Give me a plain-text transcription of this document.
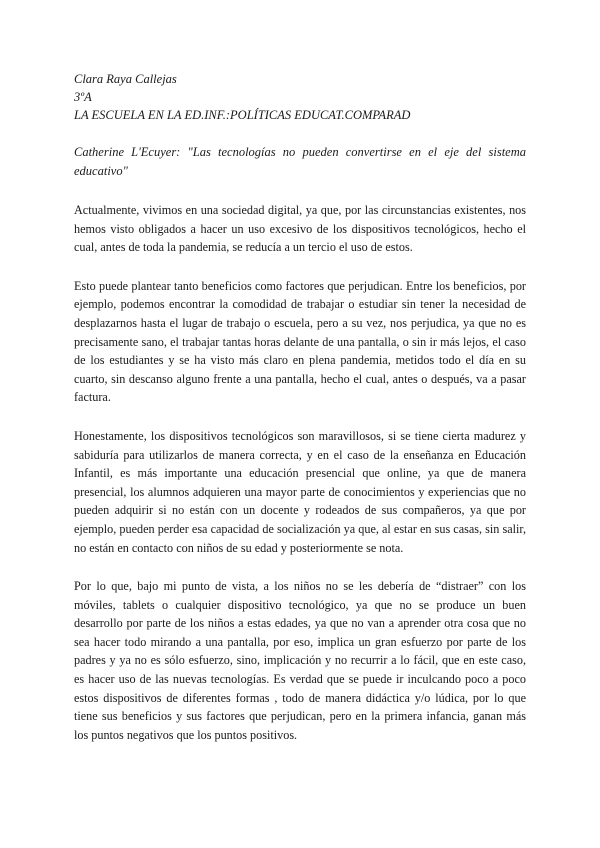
Clara Raya Callejas

3ºA

LA ESCUELA EN LA ED.INF.:POLÍTICAS EDUCAT.COMPARAD

Catherine L'Ecuyer: "Las tecnologías no pueden convertirse en el eje del sistema educativo"

Actualmente, vivimos en una sociedad digital, ya que, por las circunstancias existentes, nos hemos visto obligados a hacer un uso excesivo de los dispositivos tecnológicos, hecho el cual, antes de toda la pandemia, se reducía a un tercio el uso de estos.

Esto puede plantear tanto beneficios como factores que perjudican. Entre los beneficios, por ejemplo, podemos encontrar la comodidad de trabajar o estudiar sin tener la necesidad de desplazarnos hasta el lugar de trabajo o escuela, pero a su vez, nos perjudica, ya que no es precisamente sano, el trabajar tantas horas delante de una pantalla, o sin ir más lejos, el caso de los estudiantes y se ha visto más claro en plena pandemia, metidos todo el día en su cuarto, sin descanso alguno frente a una pantalla, hecho el cual, antes o después, va a pasar factura.

Honestamente, los dispositivos tecnológicos son maravillosos, si se tiene cierta madurez y sabiduría para utilizarlos de manera correcta, y en el caso de la enseñanza en Educación Infantil, es más importante una educación presencial que online, ya que de manera presencial, los alumnos adquieren una mayor parte de conocimientos y experiencias que no pueden adquirir si no están con un docente y rodeados de sus compañeros, ya que por ejemplo, pueden perder esa capacidad de socialización ya que, al estar en sus casas, sin salir, no están en contacto con niños de su edad y posteriormente se nota.

Por lo que, bajo mi punto de vista, a los niños no se les debería de “distraer” con los móviles, tablets o cualquier dispositivo tecnológico, ya que no se produce un buen desarrollo por parte de los niños a estas edades, ya que no van a aprender otra cosa que no sea hacer todo mirando a una pantalla, por eso, implica un gran esfuerzo por parte de los padres y ya no es sólo esfuerzo, sino, implicación y no recurrir a lo fácil, que en este caso, es hacer uso de las nuevas tecnologías. Es verdad que se puede ir inculcando poco a poco estos dispositivos de diferentes formas , todo de manera didáctica y/o lúdica, por lo que tiene sus beneficios y sus factores que perjudican, pero en la primera infancia, ganan más los puntos negativos que los puntos positivos.
